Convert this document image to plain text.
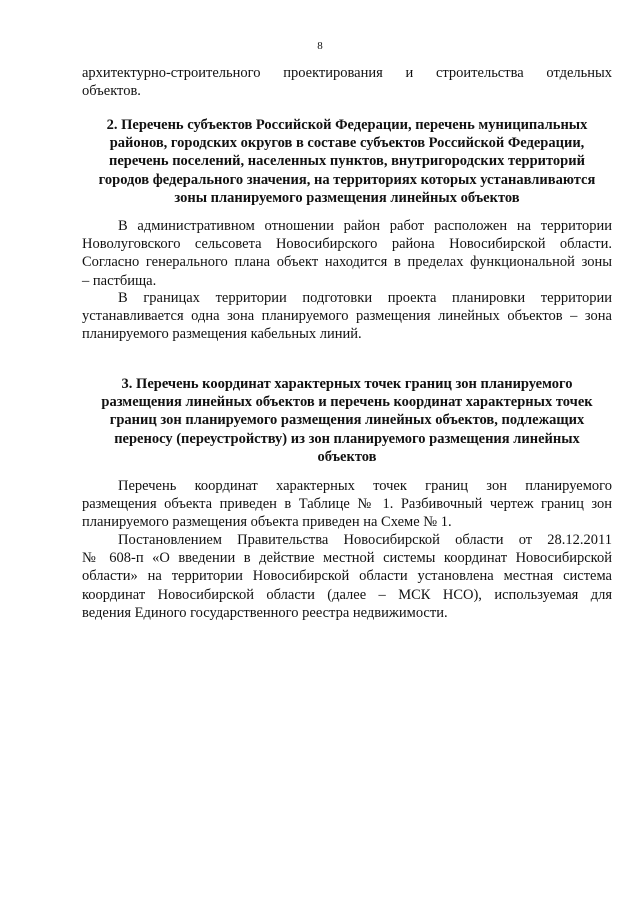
8
архитектурно-строительного проектирования и строительства отдельных
объектов.
2. Перечень субъектов Российской Федерации, перечень муниципальных
районов, городских округов в составе субъектов Российской Федерации,
перечень поселений, населенных пунктов, внутригородских территорий
городов федерального значения, на территориях которых устанавливаются
зоны планируемого размещения линейных объектов
В административном отношении район работ расположен на территории
Новолуговского сельсовета Новосибирского района Новосибирской области.
Согласно генерального плана объект находится в пределах функциональной зоны
– пастбища.
В границах территории подготовки проекта планировки территории
устанавливается одна зона планируемого размещения линейных объектов – зона
планируемого размещения кабельных линий.
3. Перечень координат характерных точек границ зон планируемого
размещения линейных объектов и перечень координат характерных точек
границ зон планируемого размещения линейных объектов, подлежащих
переносу (переустройству) из зон планируемого размещения линейных
объектов
Перечень координат характерных точек границ зон планируемого
размещения объекта приведен в Таблице № 1. Разбивочный чертеж границ зон
планируемого размещения объекта приведен на Схеме № 1.
Постановлением Правительства Новосибирской области от 28.12.2011
№ 608-п «О введении в действие местной системы координат Новосибирской
области» на территории Новосибирской области установлена местная система
координат Новосибирской области (далее – МСК НСО), используемая для
ведения Единого государственного реестра недвижимости.
